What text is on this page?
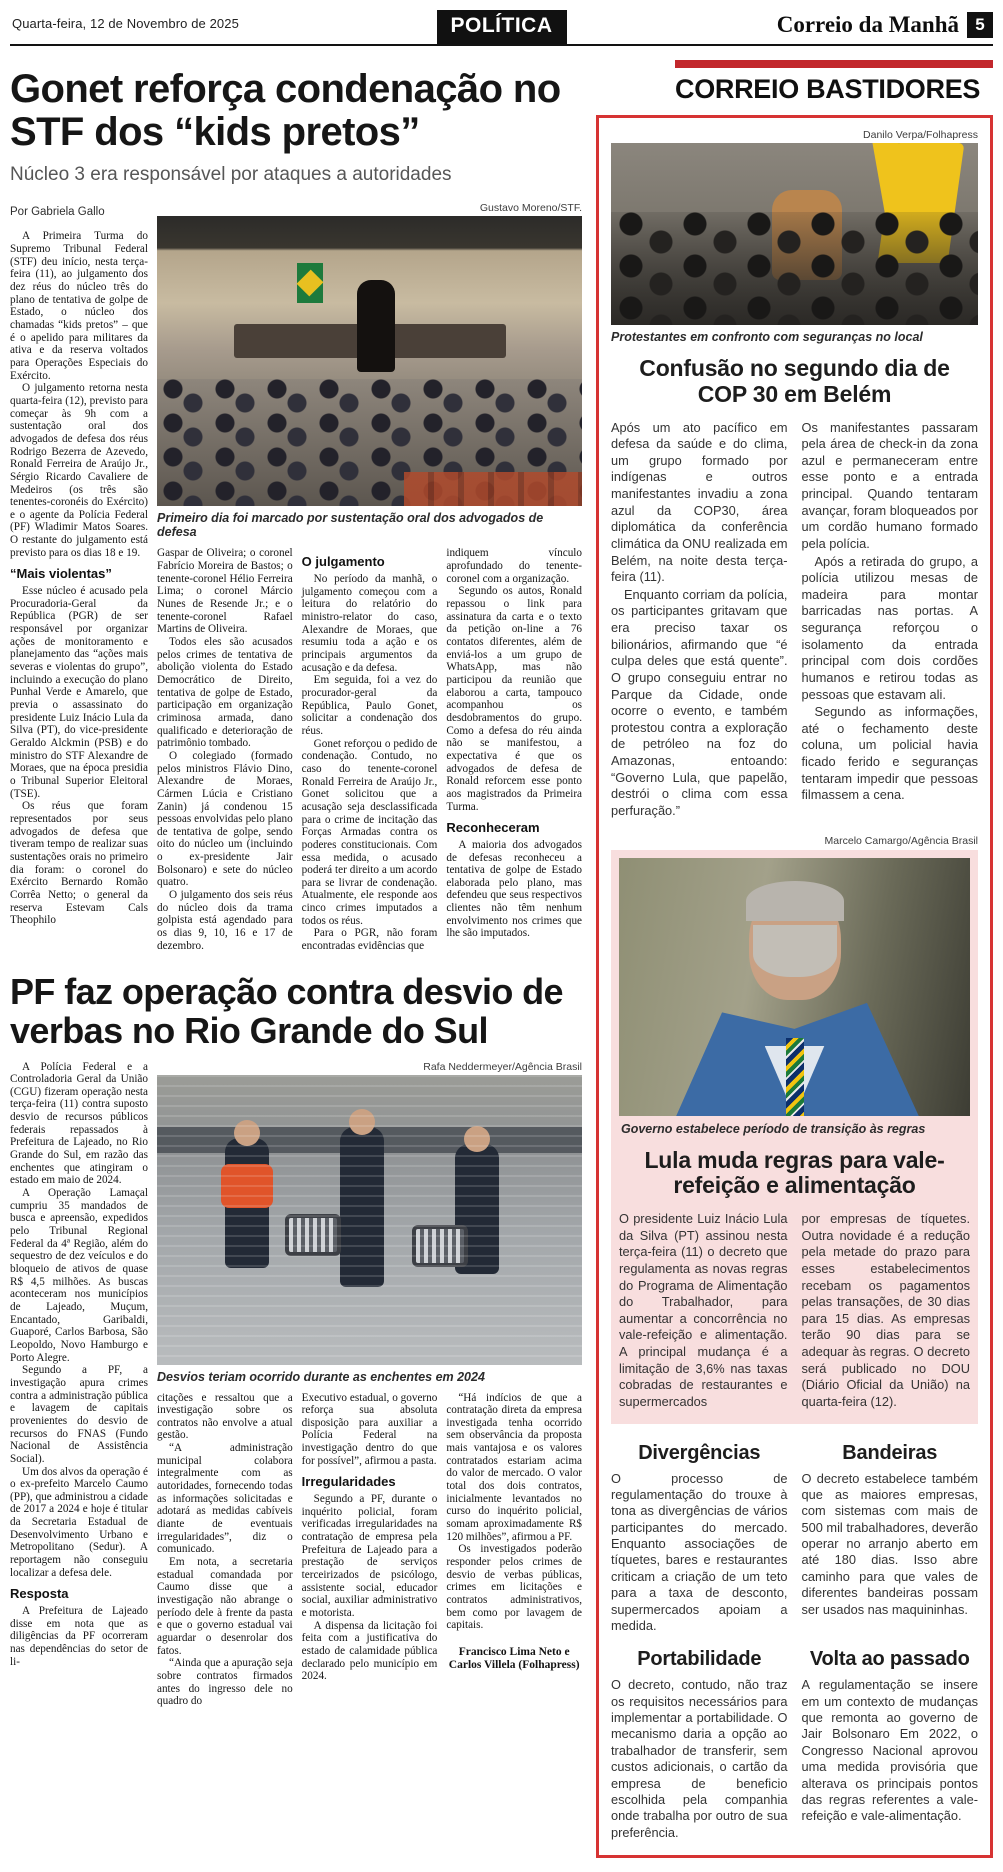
Quarta-feira, 12 de Novembro de 2025	POLÍTICA	Correio da Manhã 5
Gonet reforça condenação no STF dos “kids pretos”

Núcleo 3 era responsável por ataques a autoridades

Por Gabriela Gallo

A Primeira Turma do Supremo Tribunal Federal (STF) deu início, nesta terça-feira (11), ao julgamento dos dez réus do núcleo três do plano de tentativa de golpe de Estado, o núcleo dos chamadas “kids pretos” – que é o apelido para militares da ativa e da reserva voltados para Operações Especiais do Exército.

O julgamento retorna nesta quarta-feira (12), previsto para começar às 9h com a sustentação oral dos advogados de defesa dos réus Rodrigo Bezerra de Azevedo, Ronald Ferreira de Araújo Jr., Sérgio Ricardo Cavaliere de Medeiros (os três são tenentes-coronéis do Exército) e o agente da Polícia Federal (PF) Wladimir Matos Soares. O restante do julgamento está previsto para os dias 18 e 19.

“Mais violentas”

Esse núcleo é acusado pela Procuradoria-Geral da República (PGR) de ser responsável por organizar ações de monitoramento e planejamento das “ações mais severas e violentas do grupo”, incluindo a execução do plano Punhal Verde e Amarelo, que previa o assassinato do presidente Luiz Inácio Lula da Silva (PT), do vice-presidente Geraldo Alckmin (PSB) e do ministro do STF Alexandre de Moraes, que na época presidia o Tribunal Superior Eleitoral (TSE).

Os réus que foram representados por seus advogados de defesa que tiveram tempo de realizar suas sustentações orais no primeiro dia foram: o coronel do Exército Bernardo Romão Corrêa Netto; o general da reserva Estevam Cals Theophilo

Gustavo Moreno/STF.
Primeiro dia foi marcado por sustentação oral dos advogados de defesa

Gaspar de Oliveira; o coronel Fabrício Moreira de Bastos; o tenente-coronel Hélio Ferreira Lima; o coronel Márcio Nunes de Resende Jr.; e o tenente-coronel Rafael Martins de Oliveira.

Todos eles são acusados pelos crimes de tentativa de abolição violenta do Estado Democrático de Direito, tentativa de golpe de Estado, participação em organização criminosa armada, dano qualificado e deterioração de patrimônio tombado.

O colegiado (formado pelos ministros Flávio Dino, Alexandre de Moraes, Cármen Lúcia e Cristiano Zanin) já condenou 15 pessoas envolvidas pelo plano de tentativa de golpe, sendo oito do núcleo um (incluindo o ex-presidente Jair Bolsonaro) e sete do núcleo quatro.

O julgamento dos seis réus do núcleo dois da trama golpista está agendado para os dias 9, 10, 16 e 17 de dezembro.

O julgamento

No período da manhã, o julgamento começou com a leitura do relatório do ministro-relator do caso, Alexandre de Moraes, que resumiu toda a ação e os principais argumentos da acusação e da defesa.

Em seguida, foi a vez do procurador-geral da República, Paulo Gonet, solicitar a condenação dos réus.

Gonet reforçou o pedido de condenação. Contudo, no caso do tenente-coronel Ronald Ferreira de Araújo Jr., Gonet solicitou que a acusação seja desclassificada para o crime de incitação das Forças Armadas contra os poderes constitucionais. Com essa medida, o acusado poderá ter direito a um acordo para se livrar de condenação. Atualmente, ele responde aos cinco crimes imputados a todos os réus.

Para o PGR, não foram encontradas evidências que

indiquem vínculo aprofundado do tenente-coronel com a organização.

Segundo os autos, Ronald repassou o link para assinatura da carta e o texto da petição on-line a 76 contatos diferentes, além de enviá-los a um grupo de WhatsApp, mas não participou da reunião que elaborou a carta, tampouco acompanhou os desdobramentos do grupo. Como a defesa do réu ainda não se manifestou, a expectativa é que os advogados de defesa de Ronald reforcem esse ponto aos magistrados da Primeira Turma.

Reconheceram

A maioria dos advogados de defesas reconheceu a tentativa de golpe de Estado elaborada pelo plano, mas defendeu que seus respectivos clientes não têm nenhum envolvimento nos crimes que lhe são imputados.

PF faz operação contra desvio de verbas no Rio Grande do Sul

A Polícia Federal e a Controladoria Geral da União (CGU) fizeram operação nesta terça-feira (11) contra suposto desvio de recursos públicos federais repassados à Prefeitura de Lajeado, no Rio Grande do Sul, em razão das enchentes que atingiram o estado em maio de 2024.

A Operação Lamaçal cumpriu 35 mandados de busca e apreensão, expedidos pelo Tribunal Regional Federal da 4ª Região, além do sequestro de dez veículos e do bloqueio de ativos de quase R$ 4,5 milhões. As buscas aconteceram nos municípios de Lajeado, Muçum, Encantado, Garibaldi, Guaporé, Carlos Barbosa, São Leopoldo, Novo Hamburgo e Porto Alegre.

Segundo a PF, a investigação apura crimes contra a administração pública e lavagem de capitais provenientes do desvio de recursos do FNAS (Fundo Nacional de Assistência Social).

Um dos alvos da operação é o ex-prefeito Marcelo Caumo (PP), que administrou a cidade de 2017 a 2024 e hoje é titular da Secretaria Estadual de Desenvolvimento Urbano e Metropolitano (Sedur). A reportagem não conseguiu localizar a defesa dele.

Resposta

A Prefeitura de Lajeado disse em nota que as diligências da PF ocorreram nas dependências do setor de li-

Rafa Neddermeyer/Agência Brasil
Desvios teriam ocorrido durante as enchentes em 2024

citações e ressaltou que a investigação sobre os contratos não envolve a atual gestão.

“A administração municipal colabora integralmente com as autoridades, fornecendo todas as informações solicitadas e adotará as medidas cabíveis diante de eventuais irregularidades”, diz o comunicado.

Em nota, a secretaria estadual comandada por Caumo disse que a investigação não abrange o período dele à frente da pasta e que o governo estadual vai aguardar o desenrolar dos fatos.

“Ainda que a apuração seja sobre contratos firmados antes do ingresso dele no quadro do

Executivo estadual, o governo reforça sua absoluta disposição para auxiliar a Polícia Federal na investigação dentro do que for possível”, afirmou a pasta.

Irregularidades

Segundo a PF, durante o inquérito policial, foram verificadas irregularidades na contratação de empresa pela Prefeitura de Lajeado para a prestação de serviços terceirizados de psicólogo, assistente social, educador social, auxiliar administrativo e motorista.

A dispensa da licitação foi feita com a justificativa do estado de calamidade pública declarado pelo município em 2024.

“Há indícios de que a contratação direta da empresa investigada tenha ocorrido sem observância da proposta mais vantajosa e os valores contratados estariam acima do valor de mercado. O valor total dos dois contratos, inicialmente levantados no curso do inquérito policial, somam aproximadamente R$ 120 milhões”, afirmou a PF.

Os investigados poderão responder pelos crimes de desvio de verbas públicas, crimes em licitações e contratos administrativos, bem como por lavagem de capitais.

Francisco Lima Neto e Carlos Villela (Folhapress)

CORREIO BASTIDORES
Danilo Verpa/Folhapress
Protestantes em confronto com seguranças no local
Confusão no segundo dia de COP 30 em Belém

Após um ato pacífico em defesa da saúde e do clima, um grupo formado por indígenas e outros manifestantes invadiu a zona azul da COP30, área diplomática da conferência climática da ONU realizada em Belém, na noite desta terça-feira (11).

Enquanto corriam da polícia, os participantes gritavam que era preciso taxar os bilionários, afirmando que “é culpa deles que está quente”. O grupo conseguiu entrar no Parque da Cidade, onde ocorre o evento, e também protestou contra a exploração de petróleo na foz do Amazonas, entoando: “Governo Lula, que papelão, destrói o clima com essa perfuração.”

Os manifestantes passaram pela área de check-in da zona azul e permaneceram entre esse ponto e a entrada principal. Quando tentaram avançar, foram bloqueados por um cordão humano formado pela polícia.

Após a retirada do grupo, a polícia utilizou mesas de madeira para montar barricadas nas portas. A segurança reforçou o isolamento da entrada principal com dois cordões humanos e retirou todas as pessoas que estavam ali.

Segundo as informações, até o fechamento deste coluna, um policial havia ficado ferido e seguranças tentaram impedir que pessoas filmassem a cena.

Marcelo Camargo/Agência Brasil
Governo estabelece período de transição às regras
Lula muda regras para vale-refeição e alimentação

O presidente Luiz Inácio Lula da Silva (PT) assinou nesta terça-feira (11) o decreto que regulamenta as novas regras do Programa de Alimentação do Trabalhador, para aumentar a concorrência no vale-refeição e alimentação. A principal mudança é a limitação de 3,6% nas taxas cobradas de restaurantes e supermercados

por empresas de tíquetes. Outra novidade é a redução pela metade do prazo para esses estabelecimentos recebam os pagamentos pelas transações, de 30 dias para 15 dias. As empresas terão 90 dias para se adequar às regras. O decreto será publicado no DOU (Diário Oficial da União) na quarta-feira (12).

Divergências

O processo de regulamentação do trouxe à tona as divergências de vários participantes do mercado. Enquanto associações de tíquetes, bares e restaurantes criticam a criação de um teto para a taxa de desconto, supermercados apoiam a medida.

Bandeiras

O decreto estabelece também que as maiores empresas, com sistemas com mais de 500 mil trabalhadores, deverão operar no arranjo aberto em até 180 dias. Isso abre caminho para que vales de diferentes bandeiras possam ser usados nas maquininhas.

Portabilidade

O decreto, contudo, não traz os requisitos necessários para implementar a portabilidade. O mecanismo daria a opção ao trabalhador de transferir, sem custos adicionais, o cartão da empresa de beneficio escolhida pela companhia onde trabalha por outro de sua preferência.

Volta ao passado

A regulamentação se insere em um contexto de mudanças que remonta ao governo de Jair Bolsonaro Em 2022, o Congresso Nacional aprovou uma medida provisória que alterava os principais pontos das regras referentes a vale-refeição e vale-alimentação.
